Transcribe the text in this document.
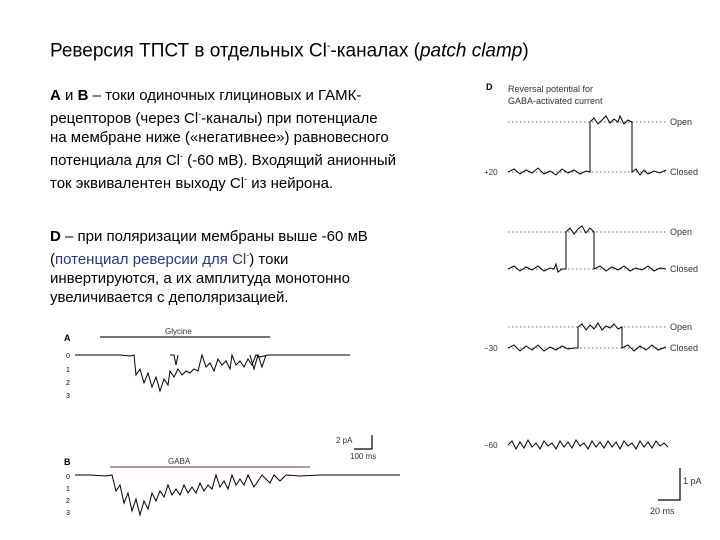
Реверсия ТПСТ в отдельных Cl--каналах (patch clamp)
A и B – токи одиночных глициновых и ГАМК-
рецепторов (через Cl--каналы) при потенциале
на мембране ниже («негативнее») равновесного
потенциала для Cl- (-60 мВ). Входящий анионный
ток эквивалентен выходу Cl- из нейрона.
D – при поляризации мембраны выше -60 мВ
(потенциал реверсии для Cl-) токи
инвертируются, а их амплитуда монотонно
увеличивается с деполяризацией.
D Reversal potential for
GABA-activated current
Open
Closed
+20
Open
Closed
Open
Closed
−30
−60
1 pA
20 ms
A
Glycine
0
1
2
3
2 pA
100 ms
B	GABA
0
1
2
3
